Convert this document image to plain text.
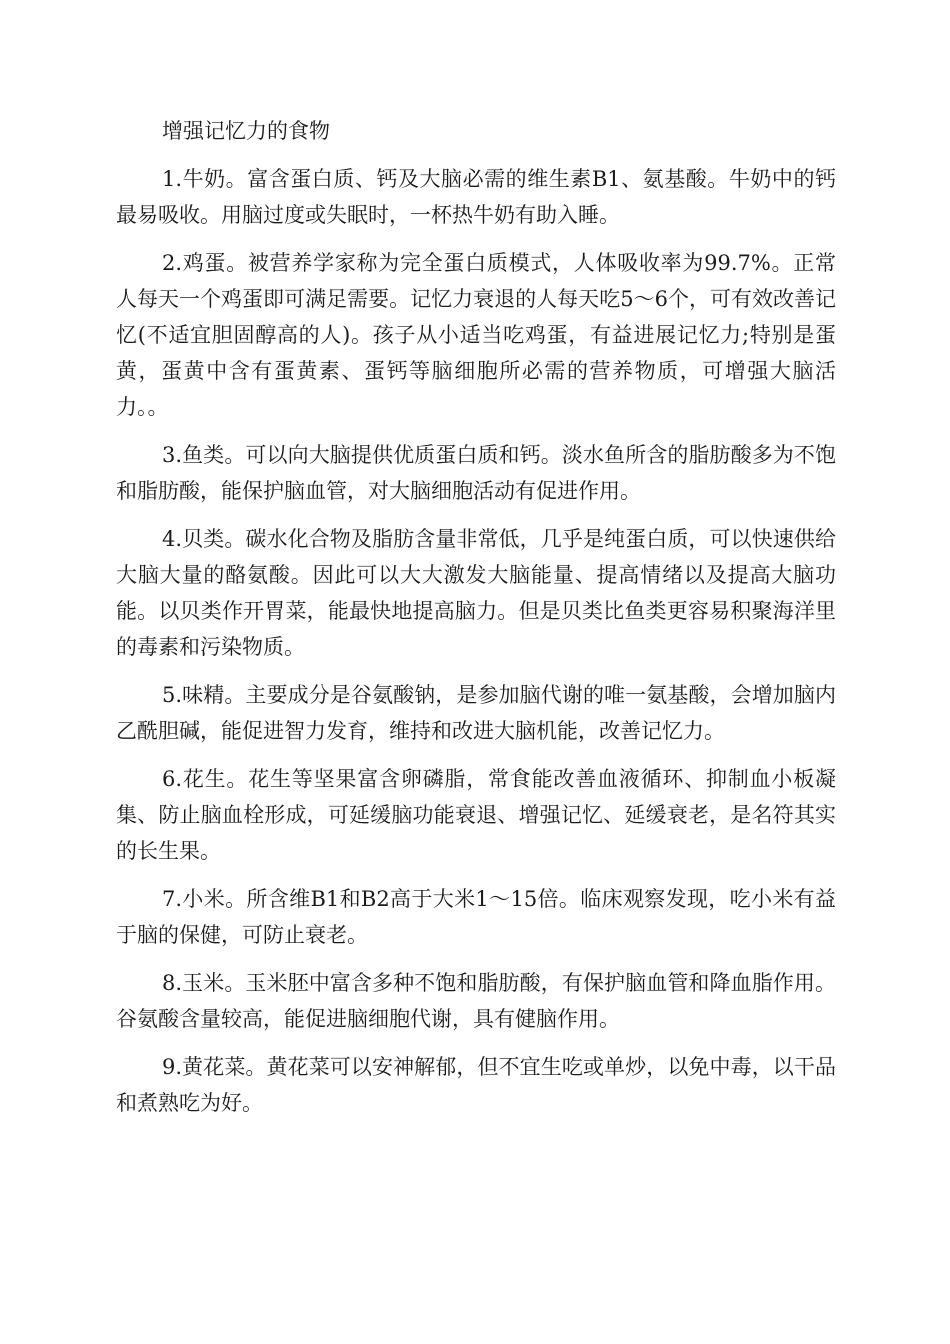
增强记忆力的食物

1.牛奶。富含蛋白质、钙及大脑必需的维生素B1、氨基酸。牛奶中的钙最易吸收。用脑过度或失眠时，一杯热牛奶有助入睡。

2.鸡蛋。被营养学家称为完全蛋白质模式，人体吸收率为99.7%。正常人每天一个鸡蛋即可满足需要。记忆力衰退的人每天吃5～6个，可有效改善记忆(不适宜胆固醇高的人)。孩子从小适当吃鸡蛋，有益进展记忆力;特别是蛋黄，蛋黄中含有蛋黄素、蛋钙等脑细胞所必需的营养物质，可增强大脑活力。。

3.鱼类。可以向大脑提供优质蛋白质和钙。淡水鱼所含的脂肪酸多为不饱和脂肪酸，能保护脑血管，对大脑细胞活动有促进作用。

4.贝类。碳水化合物及脂肪含量非常低，几乎是纯蛋白质，可以快速供给大脑大量的酪氨酸。因此可以大大激发大脑能量、提高情绪以及提高大脑功能。以贝类作开胃菜，能最快地提高脑力。但是贝类比鱼类更容易积聚海洋里的毒素和污染物质。

5.味精。主要成分是谷氨酸钠，是参加脑代谢的唯一氨基酸，会增加脑内乙酰胆碱，能促进智力发育，维持和改进大脑机能，改善记忆力。

6.花生。花生等坚果富含卵磷脂，常食能改善血液循环、抑制血小板凝集、防止脑血栓形成，可延缓脑功能衰退、增强记忆、延缓衰老，是名符其实的长生果。

7.小米。所含维B1和B2高于大米1～15倍。临床观察发现，吃小米有益于脑的保健，可防止衰老。

8.玉米。玉米胚中富含多种不饱和脂肪酸，有保护脑血管和降血脂作用。谷氨酸含量较高，能促进脑细胞代谢，具有健脑作用。

9.黄花菜。黄花菜可以安神解郁，但不宜生吃或单炒，以免中毒，以干品和煮熟吃为好。
